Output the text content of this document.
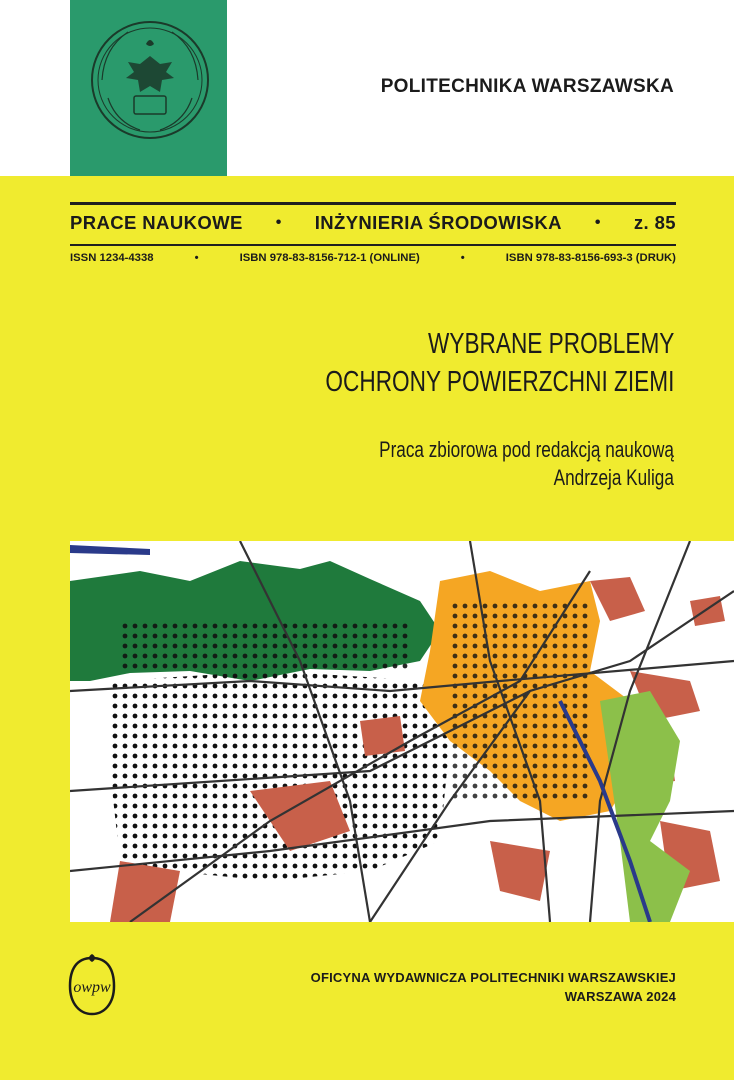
POLITECHNIKA WARSZAWSKA
PRACE NAUKOWE • INŻYNIERIA ŚRODOWISKA • z. 85
ISSN 1234-4338	•	ISBN 978-83-8156-712-1 (ONLINE)	•	ISBN 978-83-8156-693-3 (DRUK)
WYBRANE PROBLEMY
OCHRONY POWIERZCHNI ZIEMI
Praca zbiorowa pod redakcją naukową
Andrzeja Kuliga
owpw
OFICYNA WYDAWNICZA POLITECHNIKI WARSZAWSKIEJ
WARSZAWA 2024
